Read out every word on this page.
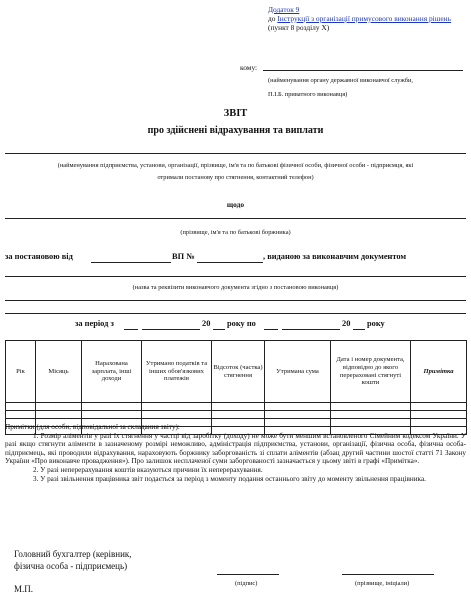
Додаток 9
до Інструкції з організації примусового виконання рішень
(пункт 8 розділу X)
кому:
(найменування органу державної виконавчої служби,
П.І.Б. приватного виконавця)
ЗВІТ
про здійснені відрахування та виплати
(найменування підприємства, установи, організації, прізвище, ім'я та по батькові фізичної особи, фізичної особи - підприємця, які
отримали постанову про стягнення, контактний телефон)
щодо
(прізвище, ім'я та по батькові боржника)
за постановою від	ВП №	, виданою за виконавчим документом
(назва та реквізити виконавчого документа згідно з постановою виконавця)
за період з	20 року по	20 року
Рік	Місяць	Нарахована зарплата, інші доходи	Утримано податків та інших обов'язкових платежів	Відсоток (частка) стягнення	Утримана сума	Дата і номер документа, відповідно до якого перераховані стягнуті кошти	Примітка

Примітки (для особи, відповідальної за складання звіту):
1. Розмір аліментів у разі їх стягнення у частці від заробітку (доходу) не може бути меншим встановленого Сімейним кодексом України. У разі якщо стягнути аліменти в зазначеному розмірі неможливо, адміністрація підприємства, установи, організації, фізична особа, фізична особа-підприємець, які проводили відрахування, нараховують боржнику заборгованість зі сплати аліментів (абзац другий частини шостої статті 71 Закону України «Про виконавче провадження»). Про залишок несплаченої суми заборгованості зазначається у цьому звіті в графі «Примітка».
2. У разі неперерахування коштів вказуються причини їх неперерахування.
3. У разі звільнення працівника звіт подається за період з моменту подання останнього звіту до моменту звільнення працівника.
Головний бухгалтер (керівник,
фізична особа - підприємець)
(підпис)	(прізвище, ініціали)
М.П.
